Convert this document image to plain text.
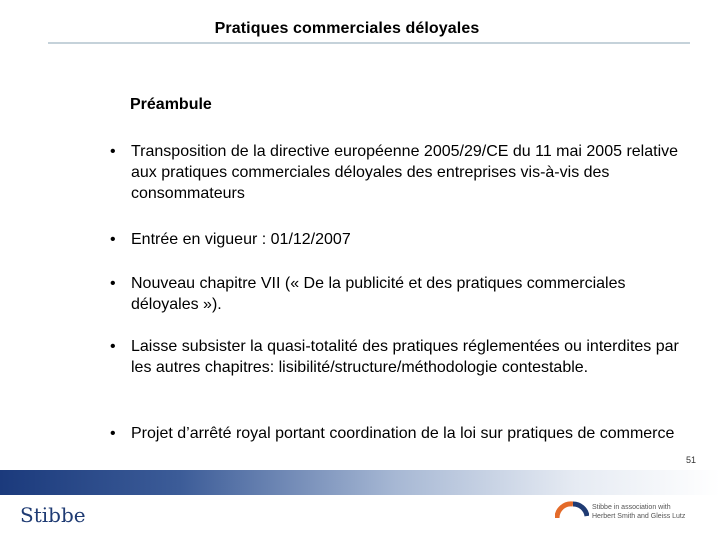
Pratiques commerciales déloyales
Préambule
• Transposition de la directive européenne 2005/29/CE du 11 mai 2005 relative aux pratiques commerciales déloyales des entreprises vis-à-vis des consommateurs
• Entrée en vigueur : 01/12/2007
• Nouveau chapitre VII (« De la publicité et des pratiques commerciales déloyales »).
• Laisse subsister la quasi-totalité des pratiques réglementées ou interdites par les autres chapitres: lisibilité/structure/méthodologie contestable.
• Projet d’arrêté royal portant coordination de la loi sur pratiques de commerce
51
Stibbe	Stibbe in association with
Herbert Smith and Gleiss Lutz
